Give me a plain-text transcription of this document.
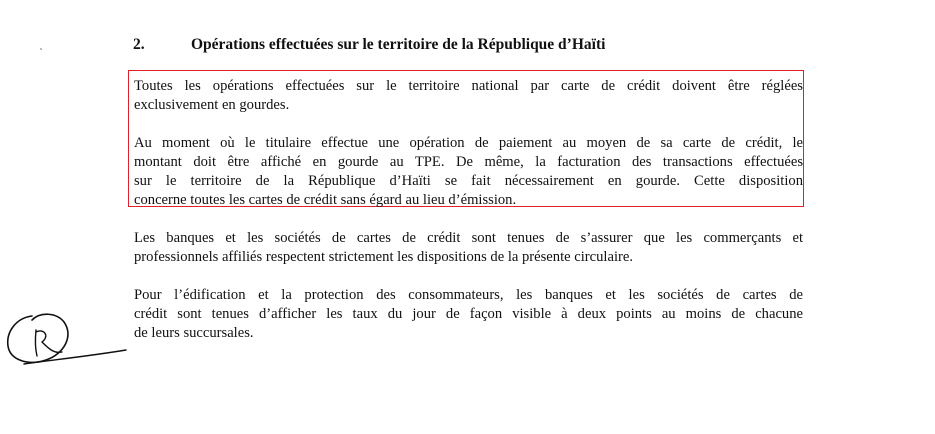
2.	Opérations effectuées sur le territoire de la République d’Haïti

Toutes les opérations effectuées sur le territoire national par carte de crédit doivent être réglées
exclusivement en gourdes.

Au moment où le titulaire effectue une opération de paiement au moyen de sa carte de crédit, le
montant doit être affiché en gourde au TPE. De même, la facturation des transactions effectuées
sur le territoire de la République d’Haïti se fait nécessairement en gourde. Cette disposition
concerne toutes les cartes de crédit sans égard au lieu d’émission.

Les banques et les sociétés de cartes de crédit sont tenues de s’assurer que les commerçants et
professionnels affiliés respectent strictement les dispositions de la présente circulaire.

Pour l’édification et la protection des consommateurs, les banques et les sociétés de cartes de
crédit sont tenues d’afficher les taux du jour de façon visible à deux points au moins de chacune
de leurs succursales.
